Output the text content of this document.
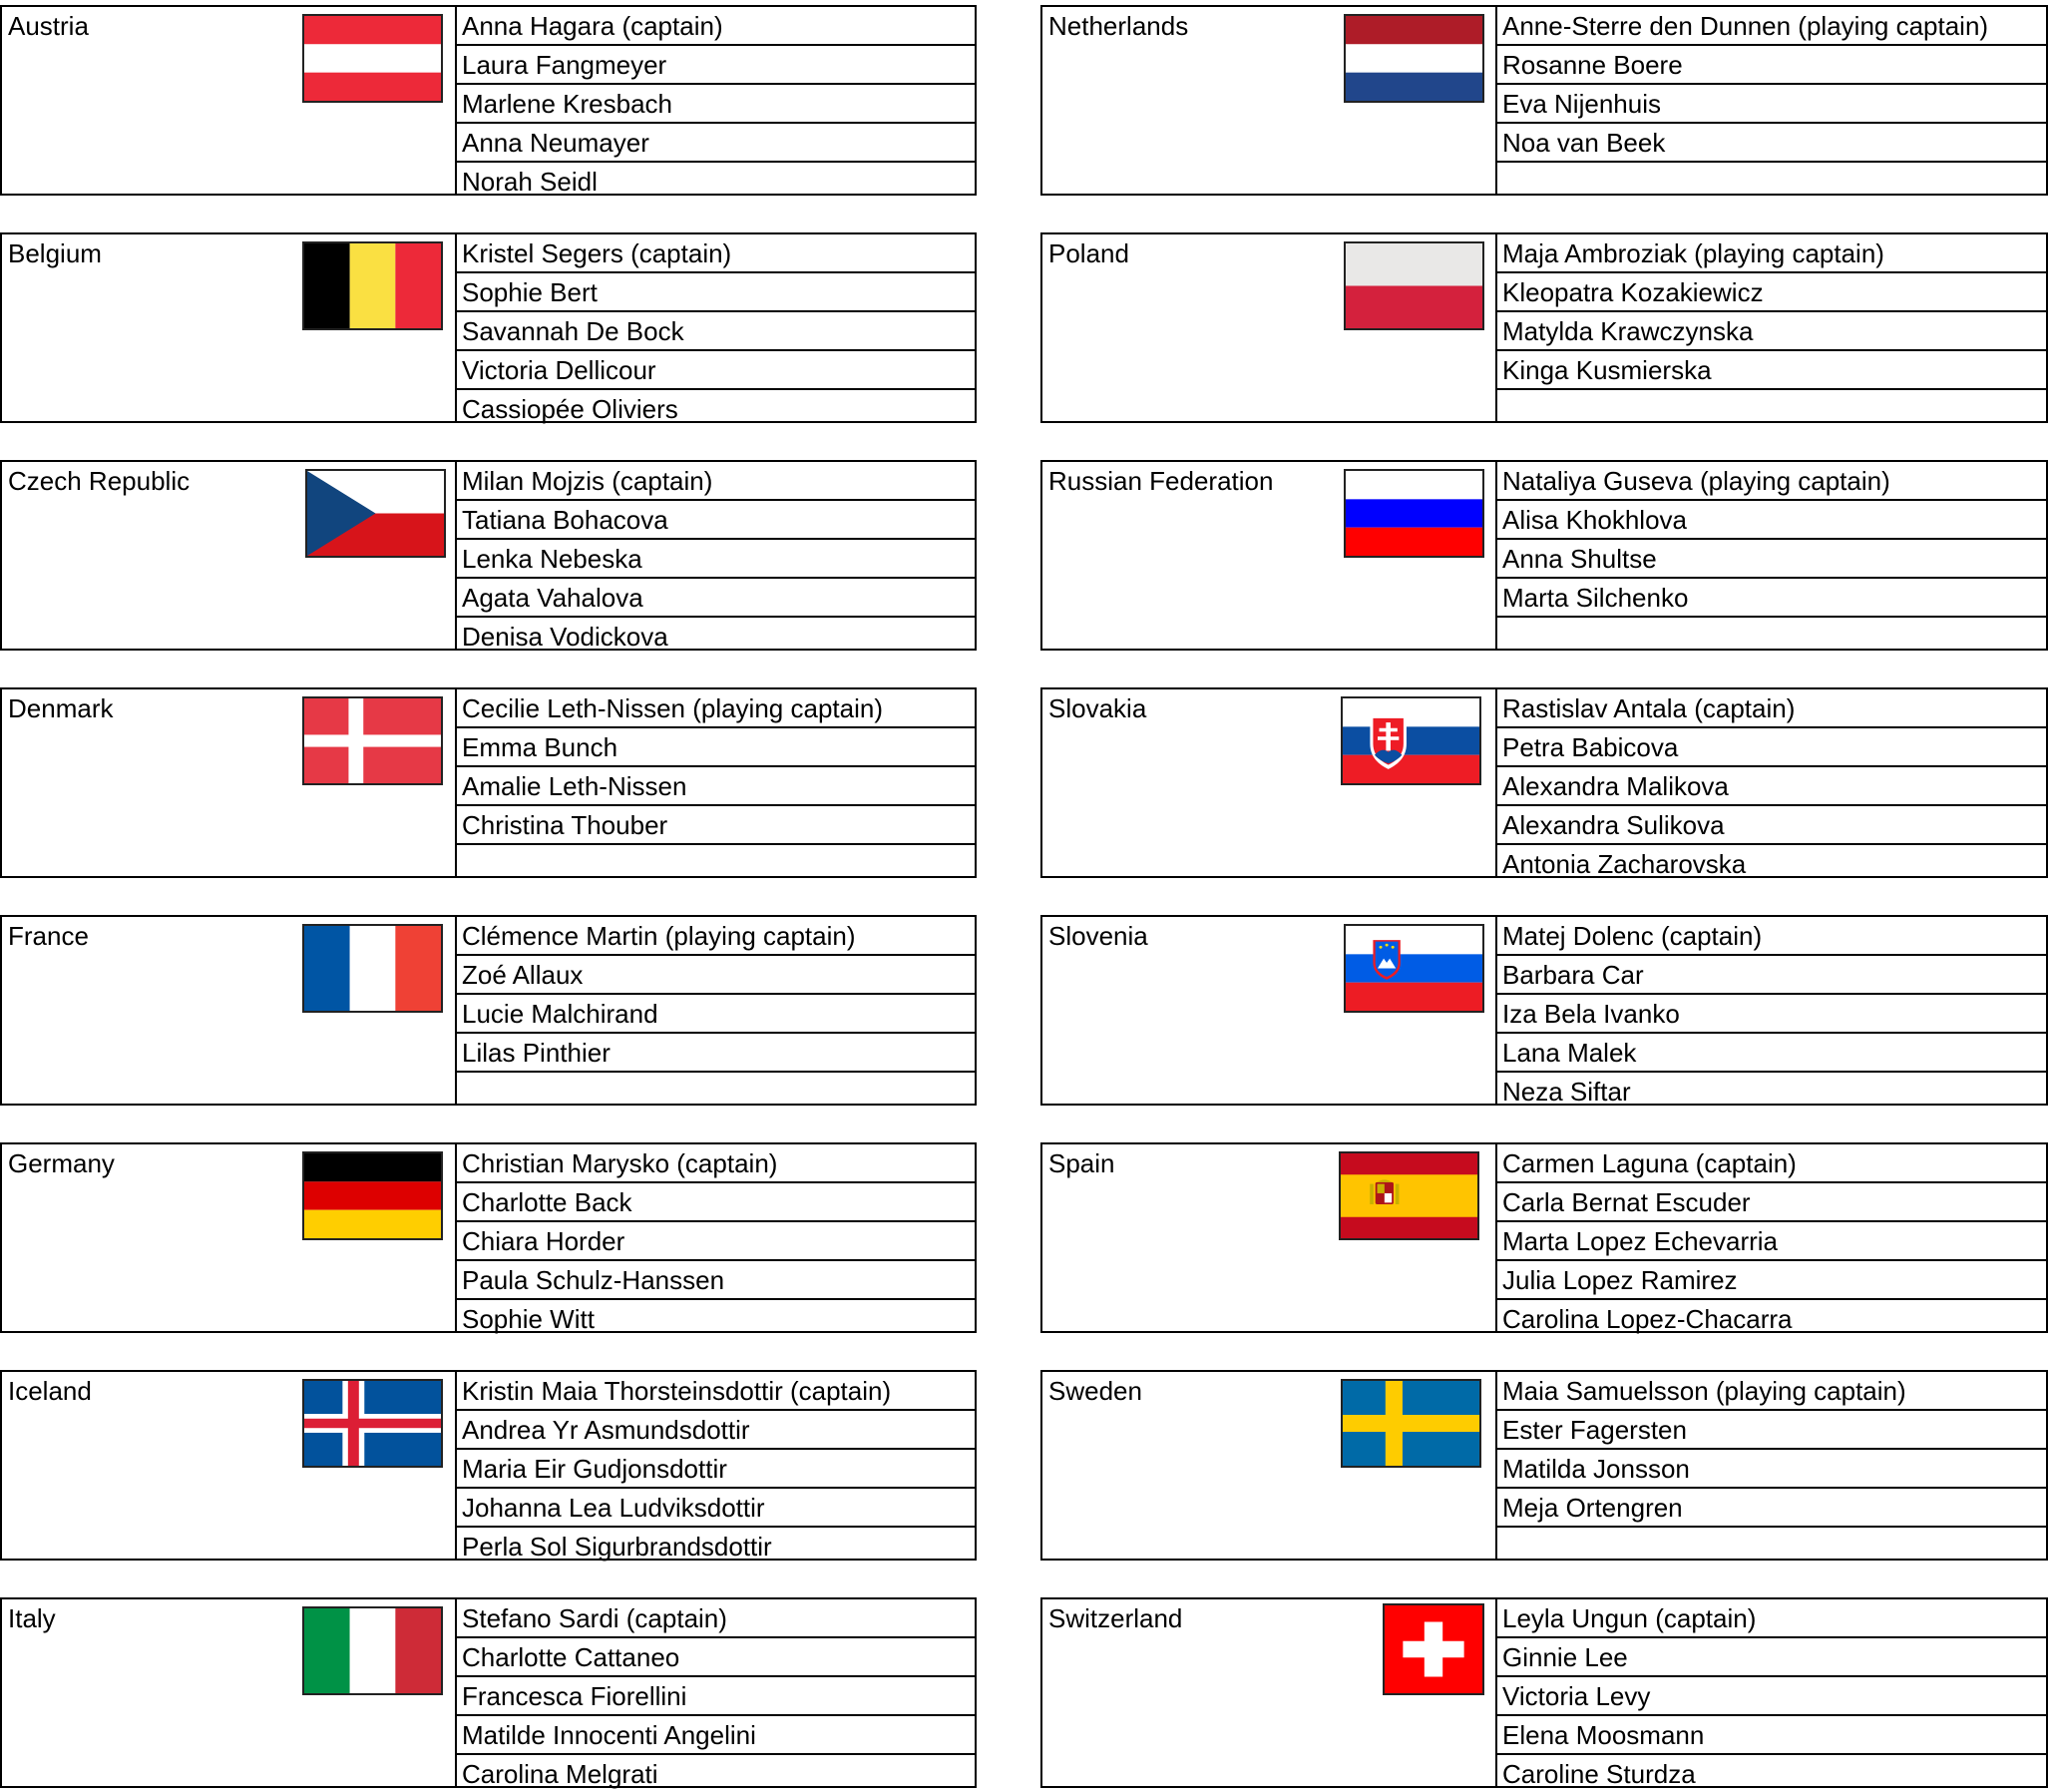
Austria	Anna Hagara (captain)
Laura Fangmeyer
Marlene Kresbach
Anna Neumayer
Norah Seidl
Belgium	Kristel Segers (captain)
Sophie Bert
Savannah De Bock
Victoria Dellicour
Cassiopée Oliviers
Czech Republic	Milan Mojzis (captain)
Tatiana Bohacova
Lenka Nebeska
Agata Vahalova
Denisa Vodickova
Denmark	Cecilie Leth-Nissen (playing captain)
Emma Bunch
Amalie Leth-Nissen
Christina Thouber
France	Clémence Martin (playing captain)
Zoé Allaux
Lucie Malchirand
Lilas Pinthier
Germany	Christian Marysko (captain)
Charlotte Back
Chiara Horder
Paula Schulz-Hanssen
Sophie Witt
Iceland	Kristin Maia Thorsteinsdottir (captain)
Andrea Yr Asmundsdottir
Maria Eir Gudjonsdottir
Johanna Lea Ludviksdottir
Perla Sol Sigurbrandsdottir
Italy	Stefano Sardi (captain)
Charlotte Cattaneo
Francesca Fiorellini
Matilde Innocenti Angelini
Carolina Melgrati
Netherlands	Anne-Sterre den Dunnen (playing captain)
Rosanne Boere
Eva Nijenhuis
Noa van Beek
Poland	Maja Ambroziak (playing captain)
Kleopatra Kozakiewicz
Matylda Krawczynska
Kinga Kusmierska
Russian Federation	Nataliya Guseva (playing captain)
Alisa Khokhlova
Anna Shultse
Marta Silchenko
Slovakia	Rastislav Antala (captain)
Petra Babicova
Alexandra Malikova
Alexandra Sulikova
Antonia Zacharovska
Slovenia	Matej Dolenc (captain)
Barbara Car
Iza Bela Ivanko
Lana Malek
Neza Siftar
Spain	Carmen Laguna (captain)
Carla Bernat Escuder
Marta Lopez Echevarria
Julia Lopez Ramirez
Carolina Lopez-Chacarra
Sweden	Maia Samuelsson (playing captain)
Ester Fagersten
Matilda Jonsson
Meja Ortengren
Switzerland	Leyla Ungun (captain)
Ginnie Lee
Victoria Levy
Elena Moosmann
Caroline Sturdza
